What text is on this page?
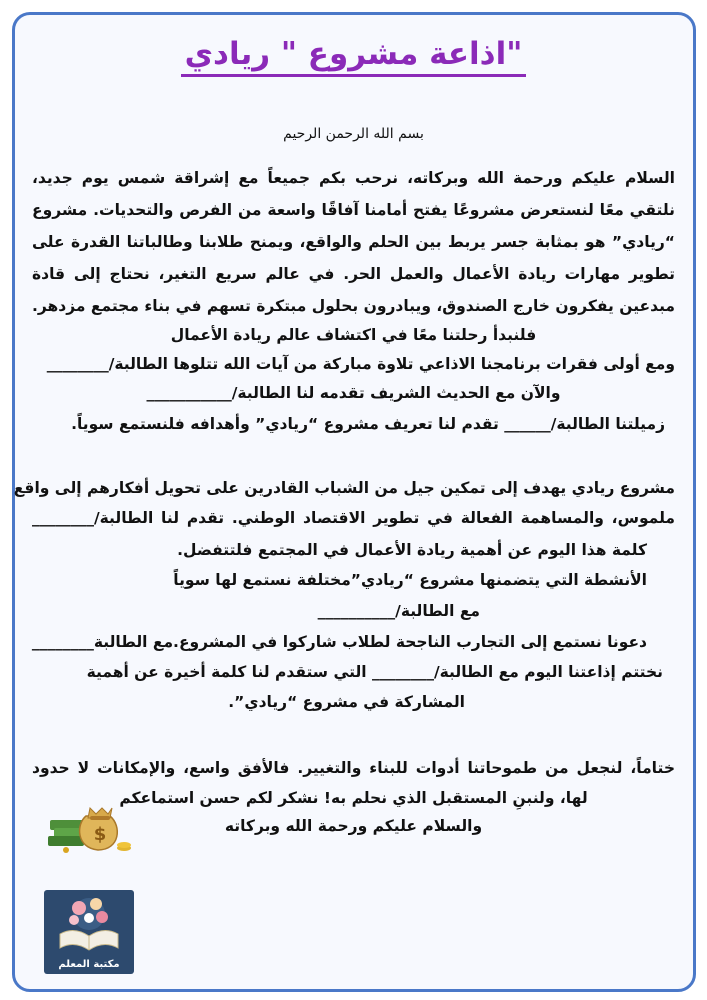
اذاعة مشروع " ريادي"
بسم الله الرحمن الرحيم
السلام عليكم ورحمة الله وبركاته، نرحب بكم جميعاً مع إشراقة شمس يوم جديد،
نلتقي معًا لنستعرض مشروعًا يفتح أمامنا آفاقًا واسعة من الفرص والتحديات. مشروع
“ريادي” هو بمثابة جسر يربط بين الحلم والواقع، ويمنح طلابنا وطالباتنا القدرة على
تطوير مهارات ريادة الأعمال والعمل الحر. في عالم سريع التغير، نحتاج إلى قادة
مبدعين يفكرون خارج الصندوق، ويبادرون بحلول مبتكرة تسهم في بناء مجتمع مزدهر.
فلنبدأ رحلتنا معًا في اكتشاف عالم ريادة الأعمال
ومع أولى فقرات برنامجنا الاذاعي تلاوة مباركة من آيات الله تتلوها الطالبة/________
والآن مع الحديث الشريف تقدمه لنا الطالبة/___________
زميلتنا الطالبة/______ تقدم لنا تعريف مشروع “ريادي” وأهدافه فلنستمع سوياً.
مشروع ريادي يهدف إلى تمكين جيل من الشباب القادرين على تحويل أفكارهم إلى واقع
ملموس، والمساهمة الفعالة في تطوير الاقتصاد الوطني. تقدم لنا الطالبة/________
كلمة هذا اليوم عن أهمية ريادة الأعمال في المجتمع فلتتفضل.
الأنشطة التي يتضمنها مشروع “ريادي”مختلفة نستمع لها سوياً
مع الطالبة/__________
دعونا نستمع إلى التجارب الناجحة لطلاب شاركوا في المشروع.مع الطالبة________
نختتم إذاعتنا اليوم مع الطالبة/________ التي ستقدم لنا كلمة أخيرة عن أهمية
المشاركة في مشروع “ريادي”.
ختاماً، لنجعل من طموحاتنا أدوات للبناء والتغيير. فالأفق واسع، والإمكانات لا حدود
لها، ولنبنِ المستقبل الذي نحلم به! نشكر لكم حسن استماعكم
والسلام عليكم ورحمة الله وبركاته
$
مكتبة المعلم
